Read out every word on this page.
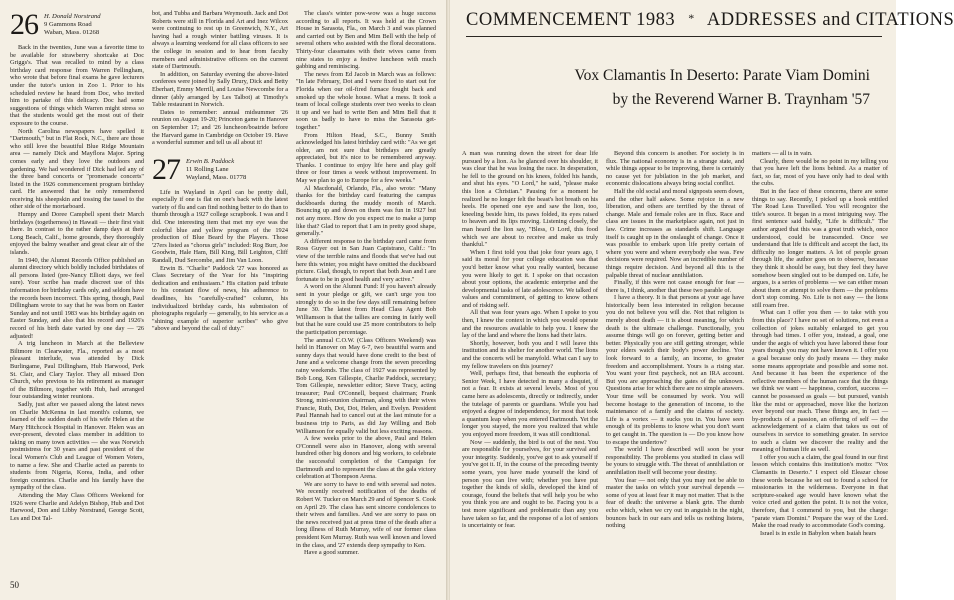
26 H. Donald Norstrand
9 Gammons Road
Waban, Mass. 01268

Back in the twenties, June was a favorite time to be available for strawberry shortcake at Doc Griggs's. That was recalled to mind by a class birthday card response from Warren Fellingham, who wrote that before final exams he gave lecturers under the tutor's union in Zoo 1. Prior to his scheduled review he heard from Doc, who invited him to partake of this delicacy. Doc had some suggestions of things which Warren might stress so that the students would get the most out of their exposure to the course.

North Carolina newspapers have spelled it "Dartmouth," but in Flat Rock, N.C., there are those who still love the beautiful Blue Ridge Mountain area — namely Dick and Mayflora Major. Spring comes early and they love the outdoors and gardening. We had wondered if Dick had led any of the three band concerts or "promenade concerts" listed in the 1926 commencement program birthday card. He answered that he only remembered receiving his sheepskin and tossing the tassel to the other side of the mortarboard.

Humpy and Doree Campbell spent their March birthdays (togetherness) in Hawaii — their first visit there. In contrast to the rather damp days at their Long Beach, Calif., home grounds, they thoroughly enjoyed the balmy weather and great clear air of the islands.

In 1940, the Alumni Records Office published an alumni directory which boldly included birthdates of all persons listed (pre-Nancy Elliott days, we feel sure). Your scribe has made discreet use of this information for birthday cards only, and seldom have the records been incorrect. This spring, though, Paul Dillingham wrote to say that he was born on Easter Sunday and not until 1983 was his birthday again on Easter Sunday, and also that his record and 1926's record of his birth date varied by one day — '26 adjusted!

A trig luncheon in March at the Belleview Biltmore in Clearwater, Fla., reported as a most pleasant interlude, was attended by Dick Burlingame, Paul Dillingham, Hub Harwood, Perk St. Clair, and Clary Taylor. They all missed Don Church, who previous to his retirement as manager of the Biltmore, together with Hub, had arranged four outstanding winter reunions.

Sadly, just after we passed along the latest news on Charlie McKenna in last month's column, we learned of the sudden death of his wife Helen at the Mary Hitchcock Hospital in Hanover. Helen was an ever-present, devoted class member in addition to taking on many town activities — she was Norwich postmistress for 30 years and past president of the local Women's Club and League of Women Voters, to name a few. She and Charlie acted as parents to students from Nigeria, Korea, India, and other foreign countries. Charlie and his family have the sympathy of the class.

Attending the May Class Officers Weekend for 1926 were Charlie and Adelyn Bishop, Hub and Dot Harwood, Don and Libby Norstrand, George Scott, Les and Dot Tal-

bot, and Tubba and Barbara Weymouth. Jack and Dot Roberts were still in Florida and Art and Inez Wilcox were continuing to rest up in Greenwich, N.Y., Art having had a rough winter battling viruses. It is always a learning weekend for all class officers to see the college in session and to hear from faculty members and administrative officers on the current state of Dartmouth.

In addition, on Saturday evening the above-listed conferees were joined by Sally Drury, Dick and Betty Eberhart, Emmy Merrill, and Louise Newcombe for a dinner (ably arranged by Les Talbot) at Timothy's Table restaurant in Norwich.

Dates to remember: annual midsummer '26 reunion on August 19-20; Princeton game in Hanover on September 17; and '26 luncheon/boatride before the Harvard game in Cambridge on October 19. Have a wonderful summer and tell us all about it!

27 Erwin B. Paddock
11 Rolling Lane
Wayland, Mass. 01778

Life in Wayland in April can be pretty dull, especially if one is flat on one's back with the latest variety of flu and can find nothing better to do than to thumb through a 1927 college scrapbook. I was and I did. One interesting item that met my eye was the colorful blue and yellow program of the 1924 production of Blue Beard by the Players. Those '27ers listed as "chorus girls" included: Rog Burr, Joe Goodwin, Hale Ham, Bill King, Bill Leighton, Cliff Randall, Dud Sercombe, and Jim Van Loon.

Erwin B. "Charlie" Paddock '27 was honored as Class Secretary of the Year for his "inspiring dedication and enthusiasm." His citation paid tribute to his constant flow of news, his adherence to deadlines, his "carefully-crafted" column, his individualized birthday cards, his submission of photographs regularly — generally, to his service as a "shining example of superior scribes" who give "above and beyond the call of duty."

The class's winter pow-wow was a huge success according to all reports. It was held at the Crown House in Sarasota, Fla., on March 3 and was planned and carried out by Ben and Mim Bell with the help of several others who assisted with the floral decorations. Thirty-four classmates with their wives came from nine states to enjoy a festive luncheon with much gabbing and reminiscing.

The news from Ed Jacob in March was as follows: "In late February, Dot and I were fixed to start out for Florida when our oil-fired furnace fought back and smoked up the whole house. What a mess. It took a team of local college students over two weeks to clean it up and we had to write Ben and Mim Bell that it soon us badly to have to miss the Sarasota get-together."

From Hilton Head, S.C., Bunny Smith acknowledged his latest birthday card with: "As we get older, am not sure that birthdays are greatly appreciated, but it's nice to be remembered anyway. Thanks. I continue to enjoy life here and play golf three or four times a week without improvement. In May we plan to go to Europe for a few weeks."

Al Macdonald, Orlando, Fla., also wrote: "Many thanks for the birthday card featuring the campus duckboards during the muddy month of March. Bouncing up and down on them was fun in 1927 but not any more. How do you expect me to make a jump like that? Glad to report that I am in pretty good shape, generally."

A different response to the birthday card came from Ross Guyer out in San Juan Capistrano, Calif.: "In view of the terrible rains and floods that we've had out here this winter, you might have omitted the duckboard picture. Glad, though, to report that both Jean and I are fortunate to be in good health and very active."

A word on the Alumni Fund: If you haven't already sent in your pledge or gift, we can't urge you too strongly to do so in the few days still remaining before June 30. The latest from Head Class Agent Bob Williamson is that the tallies are coming in fairly well but that he sure could use 25 more contributors to help the participation percentage.

The annual C.O.W. (Class Officers Weekend) was held in Hanover on May 6-7, two beautiful warm and sunny days that would have done credit to the best of June and a welcome change from the seven preceding rainy weekends. The class of 1927 was represented by Bob Long, Ken Gillespie, Charlie Paddock, secretary; Tom Gillespie, newsletter editor; Steve Tracy, acting treasurer; Paul O'Connell, bequest chairman; Frank Strong, mini-reunion chairman, along with their wives Francie, Ruth, Dot, Dot, Helen, and Evelyn. President Paul Hannah had to cancel out at the last minute for a business trip to Paris, as did Jay Willing and Bob Williamson for equally valid but less exciting reasons.

A few weeks prior to the above, Paul and Helen O'Connell were also in Hanover, along with several hundred other big donors and big workers, to celebrate the successful completion of the Campaign for Dartmouth and to represent the class at the gala victory celebration at Thompson Arena.

We are sorry to have to end with several sad notes. We recently received notification of the deaths of Robert W. Tucker on March 29 and of Spencer S. Cook on April 29. The class has sent sincere condolences to their wives and families. And we are sorry to pass on the news received just at press time of the death after a long illness of Ruth Murray, wife of our former class president Ken Murray. Ruth was well known and loved in the class, and '27 extends deep sympathy to Ken.

Have a good summer.

50
COMMENCEMENT 1983 * ADDRESSES and CITATIONS
Vox Clamantis In Deserto: Parate Viam Domini
by the Reverend Warner B. Traynham '57

A man was running down the street for dear life pursued by a lion. As he glanced over his shoulder, it was clear that he was losing the race. In desperation, he fell to the ground on his knees, folded his hands, and shut his eyes. "O Lord," he said, "please make this lion a Christian." Pausing for a moment he realized he no longer felt the beast's hot breath on his heels. He opened one eye and saw the lion, too, kneeling beside him, its paws folded, its eyes raised to heaven and its lips moving. Listening closely, the man heard the lion say, "Bless, O Lord, this food which we are about to receive and make us truly thankful."

When I first told you that joke four years ago, I said its moral for your college education was that you'd better know what you really wanted, because you were likely to get it. I spoke on that occasion about your options, the academic enterprise and the developmental tasks of late adolescence. We talked of values and commitment, of getting to know others and of risking self.

All that was four years ago. When I spoke to you then, I knew the context in which you would operate and the resources available to help you. I knew the lay of the land and where the lions had their lairs.

Shortly, however, both you and I will leave this institution and its shelter for another world. The lions and the concerts will be manyfold. What can I say to my fellow travelers on this journey?

Well, perhaps first, that beneath the euphoria of Senior Week, I have detected in many a disquiet, if not a fear. It exists at several levels. Most of you came here as adolescents, directly or indirectly, under the tutelage of parents or guardians. While you had enjoyed a degree of independence, for most that took a quantum leap when you entered Dartmouth. Yet the longer you stayed, the more you realized that while you enjoyed more freedom, it was still conditional.

Now — suddenly, the bird is out of the nest. You are responsible for yourselves, for your survival and your integrity. Suddenly, you've got to ask yourself if you've got it. If, in the course of the preceding twenty some years, you have made yourself the kind of person you can live with; whether you have put together the kinds of skills, developed the kind of courage, found the beliefs that will help you be who you think you are and ought to be. Facing you is a test more significant and problematic than any you have taken so far, and the response of a lot of seniors is uncertainty or fear.

Beyond this concern is another. For society is in flux. The national economy is in a strange state, and while things appear to be improving, there is certainly no cause yet for jubilation in the job market, and economic dislocations always bring social conflict.

Half the old social and moral signposts seem down, and the other half askew. Some rejoice in a new liberation, and others are terrified by the threat of change. Male and female roles are in flux. Race and class are issues in the marketplace again, not just in law. Crime increases as standards shift. Language itself is caught up in the onslaught of change. Once it was possible to embark upon life pretty certain of where you were and where everybody else was. Few decisions were required. Now an incredible number of things require decision. And beyond all this is the palpable threat of nuclear annihilation.

Finally, if this were not cause enough for fear — there is, I think, another that these two parable of.

I have a theory. It is that persons at your age have historically been less interested in religion because you do not believe you will die. Not that religion is merely about death — it is about meaning, for which death is the ultimate challenge. Functionally, you assume things will go on forever, getting better and better. Physically you are still getting stronger, while your elders watch their body's power decline. You look forward to a family, an income, to greater freedom and accomplishment. Yours is a rising star. You want your first paycheck, not an IRA account. But you are approaching the gates of the unknown. Questions arise for which there are no simple answers. Your time will be consumed by work. You will become hostage to the generation of income, to the maintenance of a family and the claims of society. Life is a vortex — it sucks you in. You have seen enough of its problems to know what you don't want to get caught in. The question is — Do you know how to escape the undertow?

The world I have described will soon be your responsibility. The problems you studied in class will be yours to struggle with. The threat of annihilation or annihilation itself will become your destiny.

You fear — not only that you may not be able to master the tasks on which your survival depends — some of you at least fear it may not matter. That is the fear of death: the universe a blank grin. The dumb echo which, when we cry out in anguish in the night, bounces back in our ears and tells us nothing listens, nothing

matters — all is in vain.

Clearly, there would be no point in my telling you that you have left the lions behind. As a matter of fact, so far, most of you have only had to deal with the cubs.

But in the face of these concerns, there are some things to say. Recently, I picked up a book entitled The Road Less Travelled. You will recognize the title's source. It began in a most intriguing way. The first sentence said baldly, "Life is difficult." The author argued that this was a great truth which, once understood, could be transcended. Once we understand that life is difficult and accept the fact, its difficulty no longer matters. A lot of people groan through life, the author goes on to observe, because they think it should be easy, but they feel they have somehow been singled out to be dumped on. Life, he argues, is a series of problems — we can either moan about them or attempt to solve them — the problems don't stop coming. No. Life is not easy — the lions still roam free.

What can I offer you then — to take with you from this place? I have no set of solutions, not even a collection of jokes suitably enlarged to get you through bad times. I offer you, instead, a goal, one under the aegis of which you have labored these four years though you may not have known it. I offer you a goal because only do justly means — they make some means appropriate and possible and some not. And because it has been the experience of the reflective members of the human race that the things we think we want — happiness, comfort, success — cannot be possessed as goals — but pursued, vanish like the mist or approached, move like the horizon ever beyond our reach. These things are, in fact — by-products of a passion, an offering of self — the acknowledgement of a claim that takes us out of ourselves in service to something greater. In service to such a claim we discover the reality and the meaning of human life as well.

I offer you such a claim, the goal found in our first lesson which contains this institution's motto: "Vox Clamantis in Deserto." I expect old Eleazar chose these words because he set out to found a school for missionaries in the wilderness. Everyone in that scripture-soaked age would have known what the voice cried and gotten the point. It is not the voice, therefore, that I commend to you, but the charge: "parate viam Domini." Prepare the way of the Lord. Make the road ready to accommodate God's coming.

Israel is in exile in Babylon when Isaiah hears
